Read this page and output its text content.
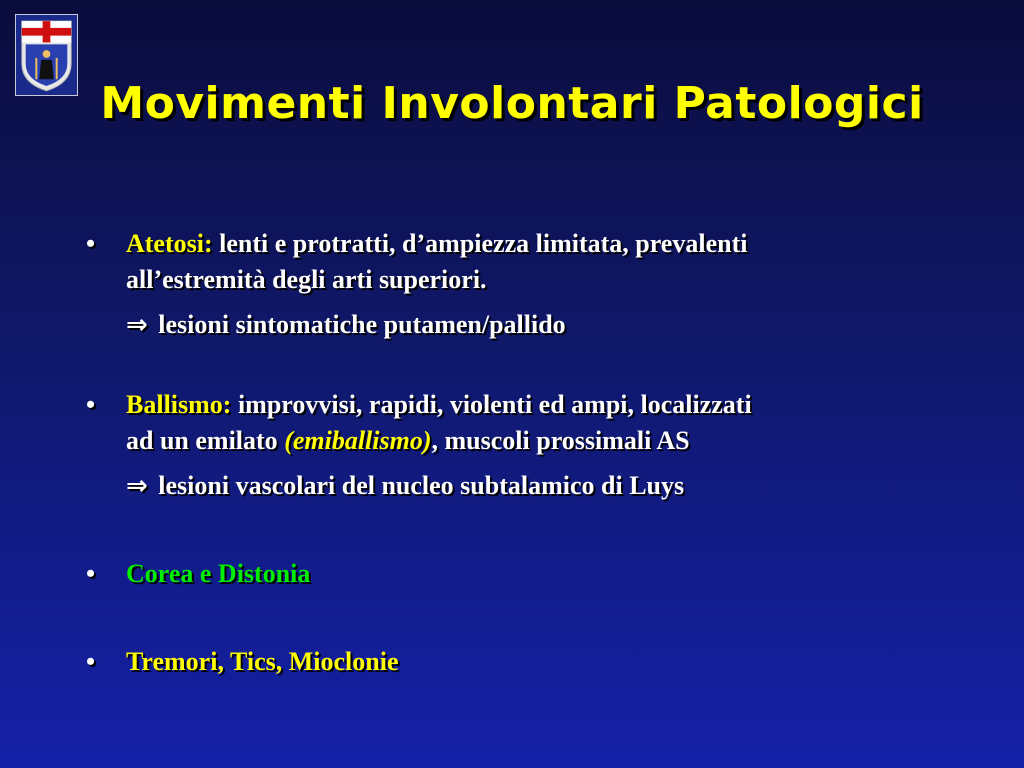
Movimenti Involontari Patologici
•	Atetosi: lenti e protratti, d’ampiezza limitata, prevalenti
all’estremità degli arti superiori.
⇒ lesioni sintomatiche putamen/pallido
•	Ballismo: improvvisi, rapidi, violenti ed ampi, localizzati
ad un emilato (emiballismo), muscoli prossimali AS
⇒ lesioni vascolari del nucleo subtalamico di Luys
•	Corea e Distonia
•	Tremori, Tics, Mioclonie
